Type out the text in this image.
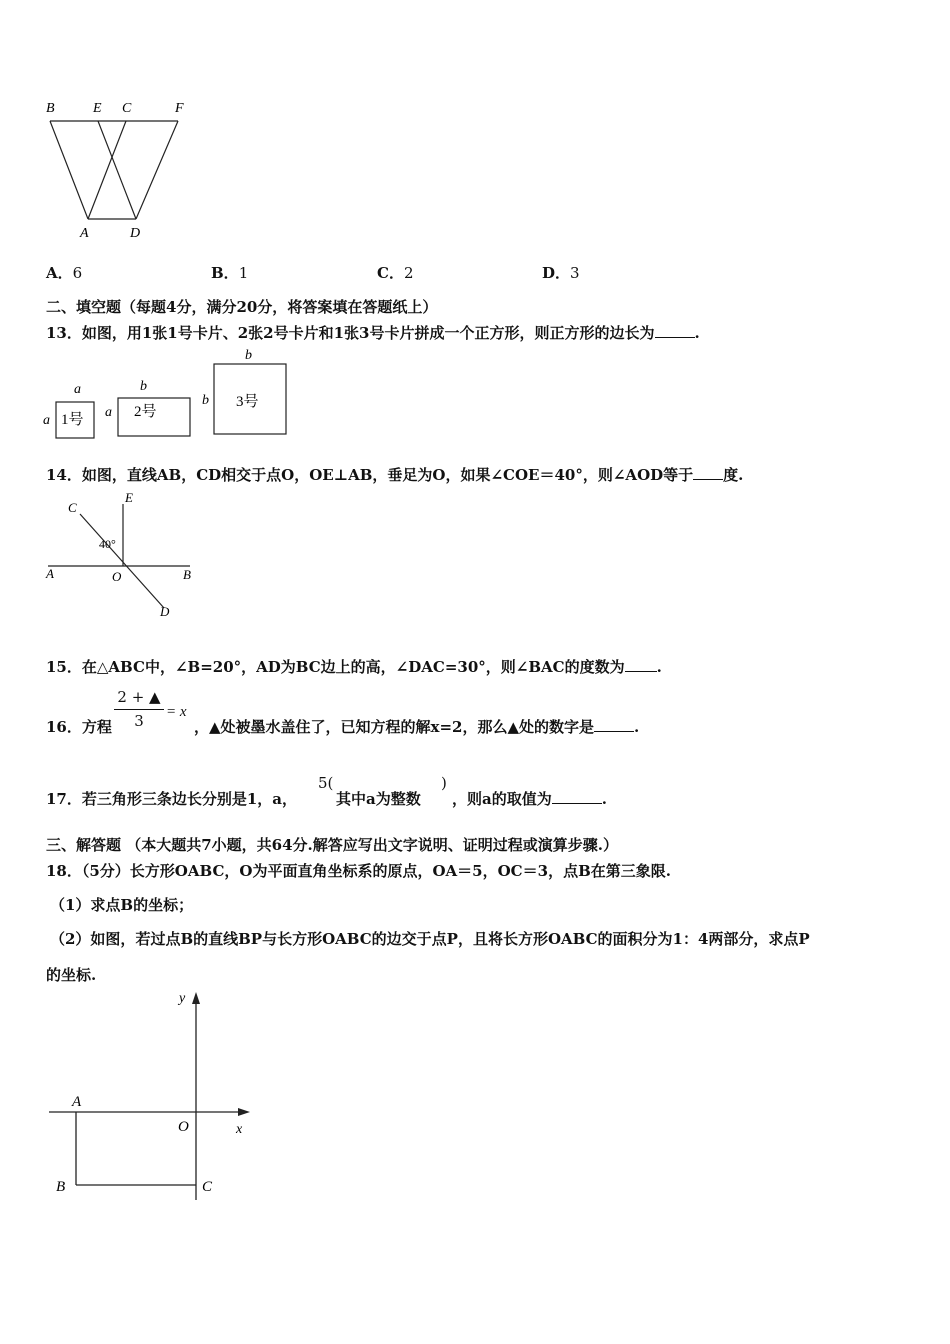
B	E C	F
A	D
A．6	B．1	C．2	D．3
二、填空题（每题4分，满分20分，将答案填在答题纸上）
13．如图，用1张1号卡片、2张2号卡片和1张3号卡片拼成一个正方形，则正方形的边长为	.
a
a 1号
b
a 2号
b
b 3号
14．如图，直线AB，CD相交于点O，OE⊥AB，垂足为O，如果∠COE＝40°，则∠AOD等于 度.
C
E
40°
A	O	B
D
15．在△ABC中，∠B=20°，AD为BC边上的高，∠DAC=30°，则∠BAC的度数为 .
16．方程
2 + ▲
3	= x
，▲处被墨水盖住了，已知方程的解x=2，那么▲处的数字是	.
17．若三角形三条边长分别是1，a，
5(
其中a为整数
)
，则a的取值为	.
三、解答题 （本大题共7小题，共64分.解答应写出文字说明、证明过程或演算步骤.）
18．（5分）长方形OABC，O为平面直角坐标系的原点，OA＝5，OC＝3，点B在第三象限.
（1）求点B的坐标；
（2）如图，若过点B的直线BP与长方形OABC的边交于点P，且将长方形OABC的面积分为1：4两部分，求点P
的坐标.
y
x
O
A
B	C
